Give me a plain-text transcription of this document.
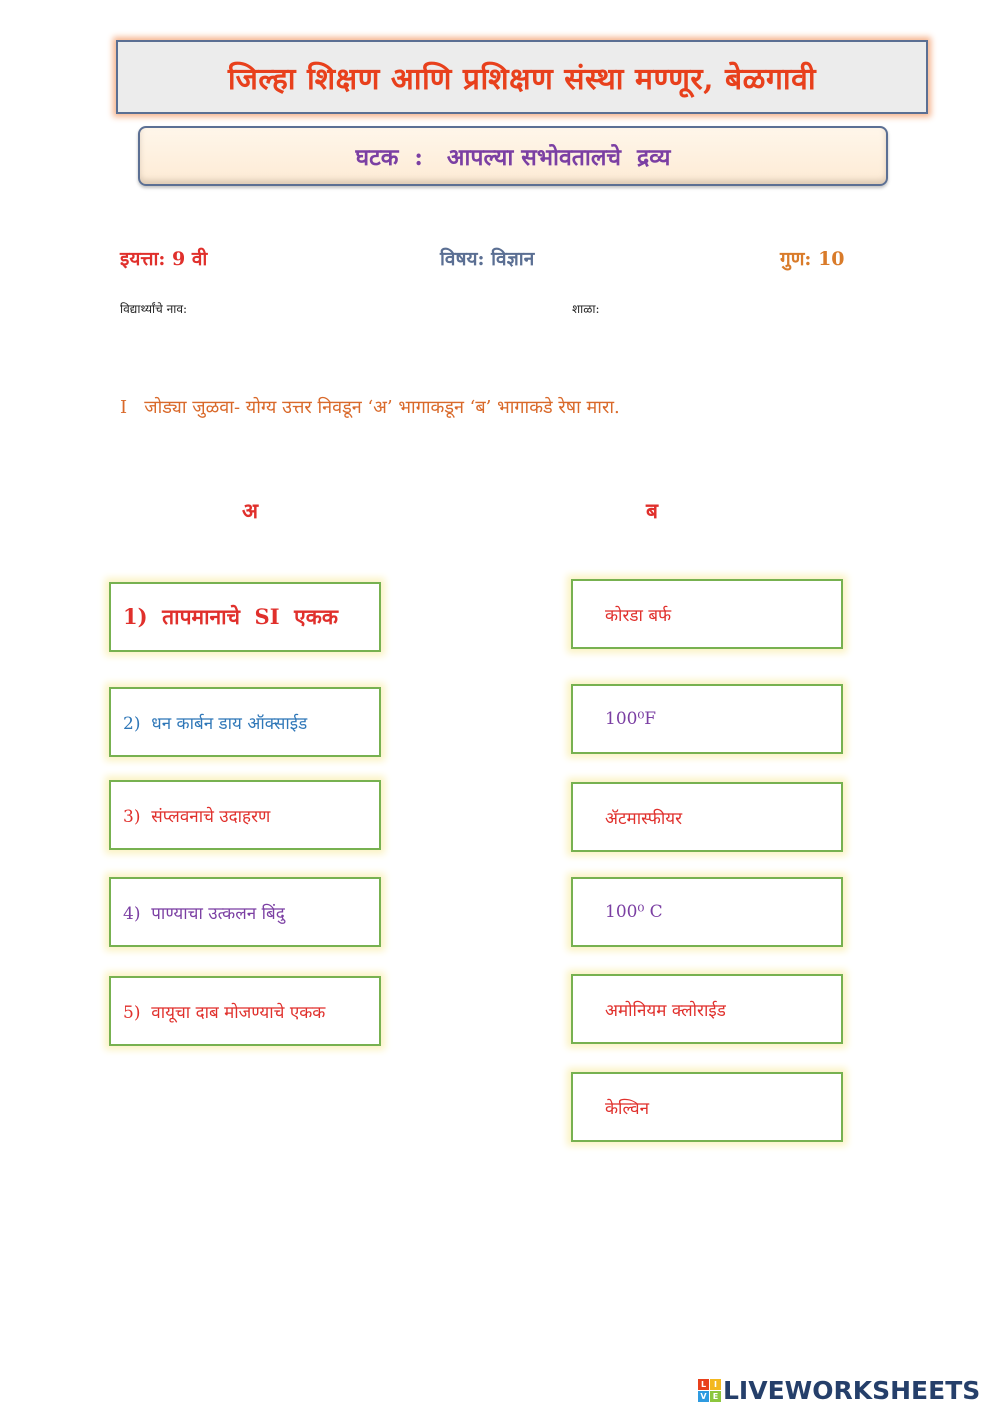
जिल्हा शिक्षण आणि प्रशिक्षण संस्था मण्णूर, बेळगावी
घटक  :   आपल्या सभोवतालचे  द्रव्य
इयत्ता: 9 वी	विषय: विज्ञान	गुण: 10
विद्यार्थ्यांचे नाव:	शाळा:
I   जोड्या जुळवा- योग्य उत्तर निवडून ‘अ’ भागाकडून ‘ब’ भागाकडे रेषा मारा.
अ	ब
1)  तापमानाचे  SI  एकक
2)  धन कार्बन डाय ऑक्साईड
3)  संप्लवनाचे उदाहरण
4)  पाण्याचा उत्कलन बिंदु
5)  वायूचा दाब मोजण्याचे एकक
कोरडा बर्फ
100⁰F
ॲटमास्फीयर
100⁰ C
अमोनियम क्लोराईड
केल्विन
L I
V E LIVEWORKSHEETS
